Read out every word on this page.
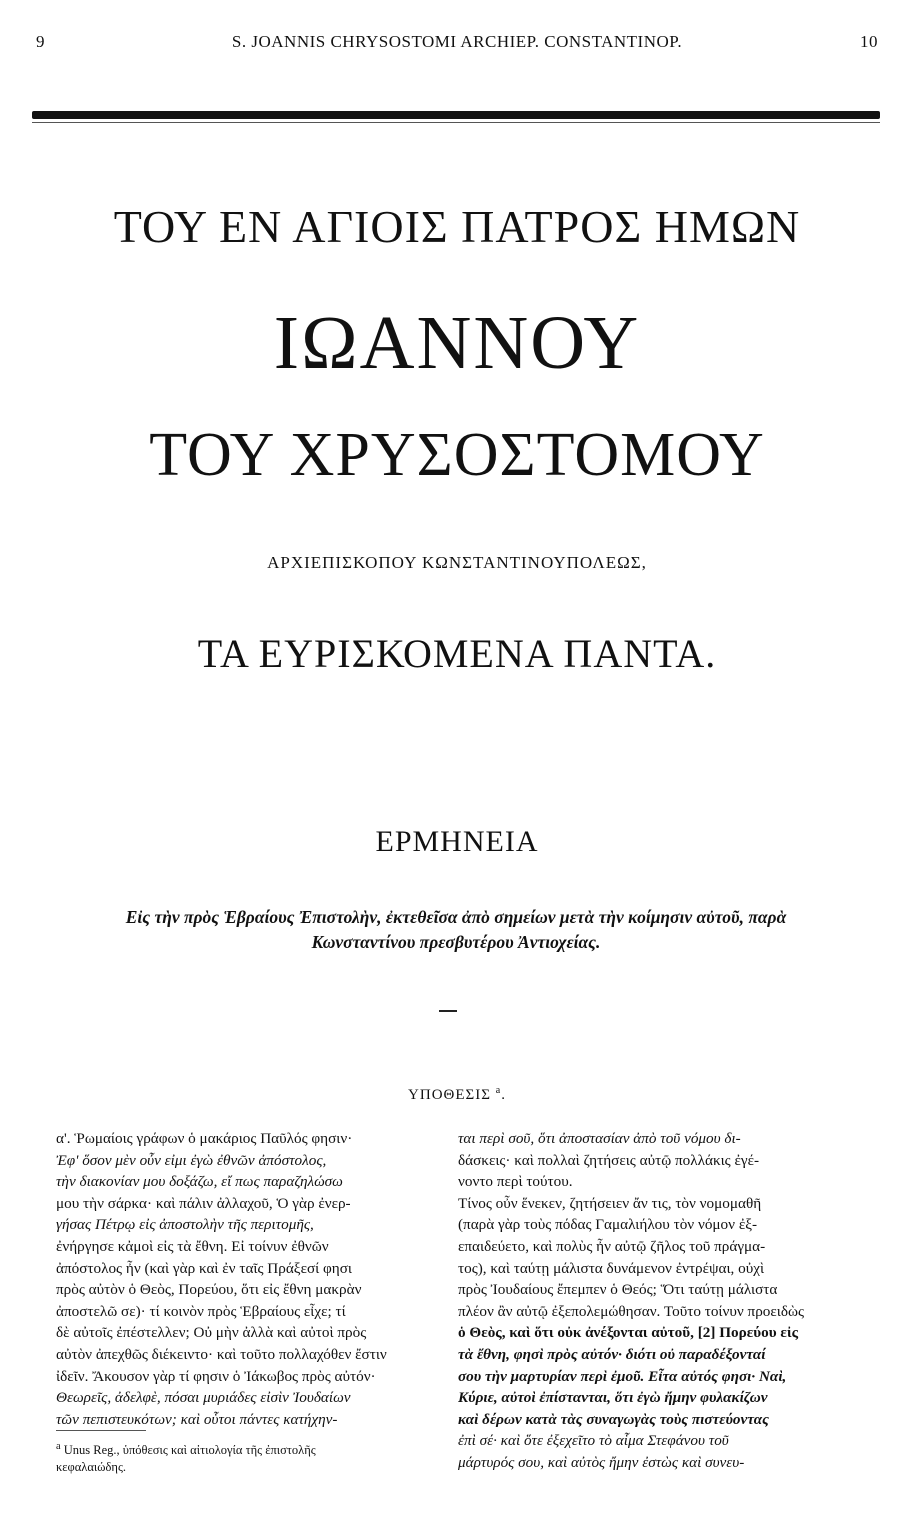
9	S. JOANNIS CHRYSOSTOMI ARCHIEP. CONSTANTINOP.	10
ΤΟΥ ΕΝ ΑΓΙΟΙΣ ΠΑΤΡΟΣ ΗΜΩΝ
ΙΩΑΝΝΟΥ
ΤΟΥ ΧΡΥΣΟΣΤΟΜΟΥ
ΑΡΧΙΕΠΙΣΚΟΠΟΥ ΚΩΝΣΤΑΝΤΙΝΟΥΠΟΛΕΩΣ,
ΤΑ ΕΥΡΙΣΚΟΜΕΝΑ ΠΑΝΤΑ.
ΕΡΜΗΝΕΙΑ
Εἰς τὴν πρὸς Ἑβραίους Ἐπιστολὴν, ἐκτεθεῖσα ἀπὸ σημείων μετὰ τὴν κοίμησιν αὐτοῦ, παρὰ
Κωνσταντίνου πρεσβυτέρου Ἀντιοχείας.
ΥΠΟΘΕΣΙΣ $^a$.
α'. Ῥωμαίοις γράφων ὁ μακάριος Παῦλός φησιν·
Ἐφ' ὅσον μὲν οὖν εἰμι ἐγὼ ἐθνῶν ἀπόστολος,
τὴν διακονίαν μου δοξάζω, εἴ πως παραζηλώσω
μου τὴν σάρκα· καὶ πάλιν ἀλλαχοῦ, Ὁ γὰρ ἐνερ-
γήσας Πέτρῳ εἰς ἀποστολὴν τῆς περιτομῆς,
ἐνήργησε κἀμοὶ εἰς τὰ ἔθνη. Εἰ τοίνυν ἐθνῶν
ἀπόστολος ἦν (καὶ γὰρ καὶ ἐν ταῖς Πράξεσί φησι
πρὸς αὐτὸν ὁ Θεὸς, Πορεύου, ὅτι εἰς ἔθνη μακρὰν
ἀποστελῶ σε)· τί κοινὸν πρὸς Ἑβραίους εἶχε; τί
δὲ αὐτοῖς ἐπέστελλεν; Οὐ μὴν ἀλλὰ καὶ αὐτοὶ πρὸς
αὐτὸν ἀπεχθῶς διέκειντο· καὶ τοῦτο πολλαχόθεν ἔστιν
ἰδεῖν. Ἄκουσον γὰρ τί φησιν ὁ Ἰάκωβος πρὸς αὐτόν·
Θεωρεῖς, ἀδελφὲ, πόσαι μυριάδες εἰσὶν Ἰουδαίων
τῶν πεπιστευκότων; καὶ οὗτοι πάντες κατήχην-
$^a$ Unus Reg., ὑπόθεσις καὶ αἰτιολογία τῆς ἐπιστολῆς
κεφαλαιώδης.
ται περὶ σοῦ, ὅτι ἀποστασίαν ἀπὸ τοῦ νόμου δι-
δάσκεις· καὶ πολλαὶ ζητήσεις αὐτῷ πολλάκις ἐγέ-
νοντο περὶ τούτου.
Τίνος οὖν ἕνεκεν, ζητήσειεν ἄν τις, τὸν νομομαθῆ
(παρὰ γὰρ τοὺς πόδας Γαμαλιήλου τὸν νόμον ἐξ-
επαιδεύετο, καὶ πολὺς ἦν αὐτῷ ζῆλος τοῦ πράγμα-
τος), καὶ ταύτῃ μάλιστα δυνάμενον ἐντρέψαι, οὐχὶ
πρὸς Ἰουδαίους ἔπεμπεν ὁ Θεός; Ὅτι ταύτῃ μάλιστα
πλέον ἂν αὐτῷ ἐξεπολεμώθησαν. Τοῦτο τοίνυν προειδὼς
ὁ Θεὸς, καὶ ὅτι οὐκ ἀνέξονται αὐτοῦ, [2] Πορεύου εἰς
τὰ ἔθνη, φησὶ πρὸς αὐτόν· διότι οὐ παραδέξονταί
σου τὴν μαρτυρίαν περὶ ἐμοῦ. Εἶτα αὐτός φησι· Ναὶ,
Κύριε, αὐτοὶ ἐπίστανται, ὅτι ἐγὼ ἤμην φυλακίζων
καὶ δέρων κατὰ τὰς συναγωγὰς τοὺς πιστεύοντας
ἐπὶ σέ· καὶ ὅτε ἐξεχεῖτο τὸ αἷμα Στεφάνου τοῦ
μάρτυρός σου, καὶ αὐτὸς ἤμην ἐστὼς καὶ συνευ-
